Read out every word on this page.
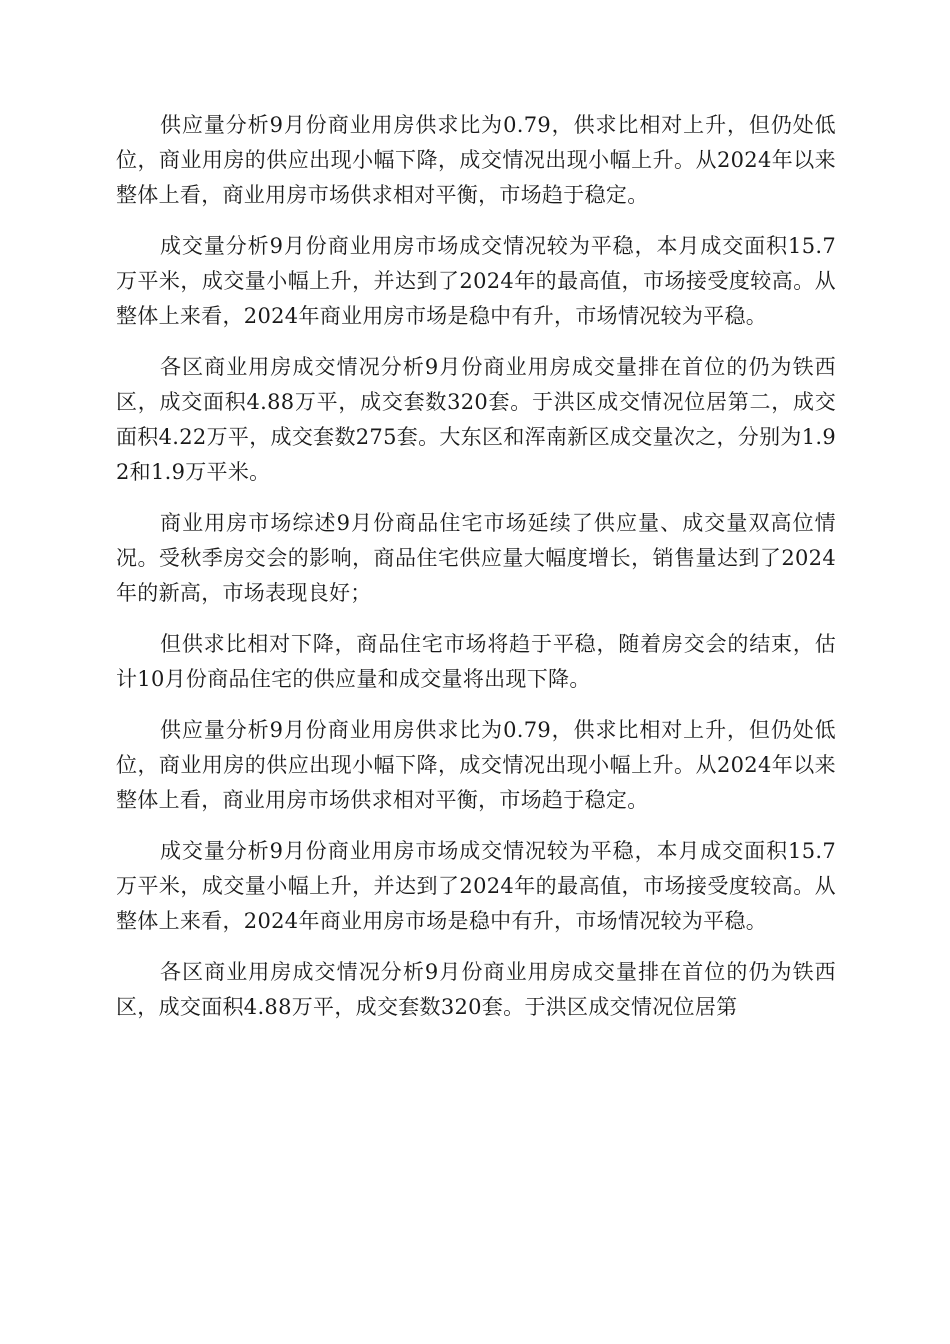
供应量分析9月份商业用房供求比为0.79，供求比相对上升，但仍处低位，商业用房的供应出现小幅下降，成交情况出现小幅上升。从2024年以来整体上看，商业用房市场供求相对平衡，市场趋于稳定。

成交量分析9月份商业用房市场成交情况较为平稳，本月成交面积15.7万平米，成交量小幅上升，并达到了2024年的最高值，市场接受度较高。从整体上来看，2024年商业用房市场是稳中有升，市场情况较为平稳。

各区商业用房成交情况分析9月份商业用房成交量排在首位的仍为铁西区，成交面积4.88万平，成交套数320套。于洪区成交情况位居第二，成交面积4.22万平，成交套数275套。大东区和浑南新区成交量次之，分别为1.92和1.9万平米。

商业用房市场综述9月份商品住宅市场延续了供应量、成交量双高位情况。受秋季房交会的影响，商品住宅供应量大幅度增长，销售量达到了2024年的新高，市场表现良好；

但供求比相对下降，商品住宅市场将趋于平稳，随着房交会的结束，估计10月份商品住宅的供应量和成交量将出现下降。

供应量分析9月份商业用房供求比为0.79，供求比相对上升，但仍处低位，商业用房的供应出现小幅下降，成交情况出现小幅上升。从2024年以来整体上看，商业用房市场供求相对平衡，市场趋于稳定。

成交量分析9月份商业用房市场成交情况较为平稳，本月成交面积15.7万平米，成交量小幅上升，并达到了2024年的最高值，市场接受度较高。从整体上来看，2024年商业用房市场是稳中有升，市场情况较为平稳。

各区商业用房成交情况分析9月份商业用房成交量排在首位的仍为铁西区，成交面积4.88万平，成交套数320套。于洪区成交情况位居第
